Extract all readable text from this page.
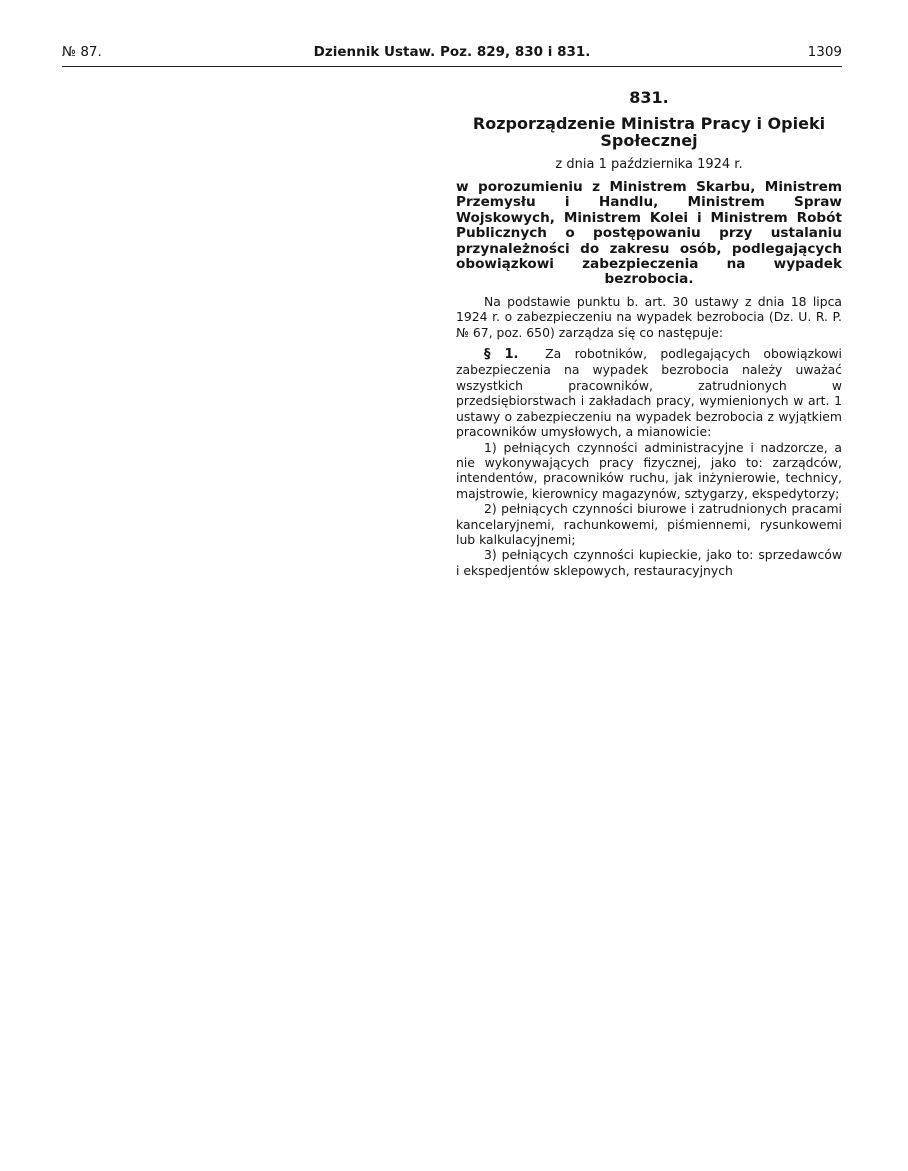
№ 87.	Dziennik Ustaw. Poz. 829, 830 i 831.	1309
831.
Rozporządzenie Ministra Pracy i Opieki Społecznej
z dnia 1 października 1924 r.
w porozumieniu z Ministrem Skarbu, Ministrem Przemysłu i Handlu, Ministrem Spraw Wojskowych, Ministrem Kolei i Ministrem Robót Publicznych o postępowaniu przy ustalaniu przynależności do zakresu osób, podlegających obowiązkowi zabezpieczenia na wypadek bezrobocia.

Na podstawie punktu b. art. 30 ustawy z dnia 18 lipca 1924 r. o zabezpieczeniu na wypadek bezrobocia (Dz. U. R. P. № 67, poz. 650) zarządza się co następuje:

§ 1. Za robotników, podlegających obowiązkowi zabezpieczenia na wypadek bezrobocia należy uważać wszystkich pracowników, zatrudnionych w przedsiębiorstwach i zakładach pracy, wymienionych w art. 1 ustawy o zabezpieczeniu na wypadek bezrobocia z wyjątkiem pracowników umysłowych, a mianowicie:

1) pełniących czynności administracyjne i nadzorcze, a nie wykonywających pracy fizycznej, jako to: zarządców, intendentów, pracowników ruchu, jak inżynierowie, technicy, majstrowie, kierownicy magazynów, sztygarzy, ekspedytorzy;

2) pełniących czynności biurowe i zatrudnionych pracami kancelaryjnemi, rachunkowemi, piśmiennemi, rysunkowemi lub kalkulacyjnemi;

3) pełniących czynności kupieckie, jako to: sprzedawców i ekspedjentów sklepowych, restauracyjnych
